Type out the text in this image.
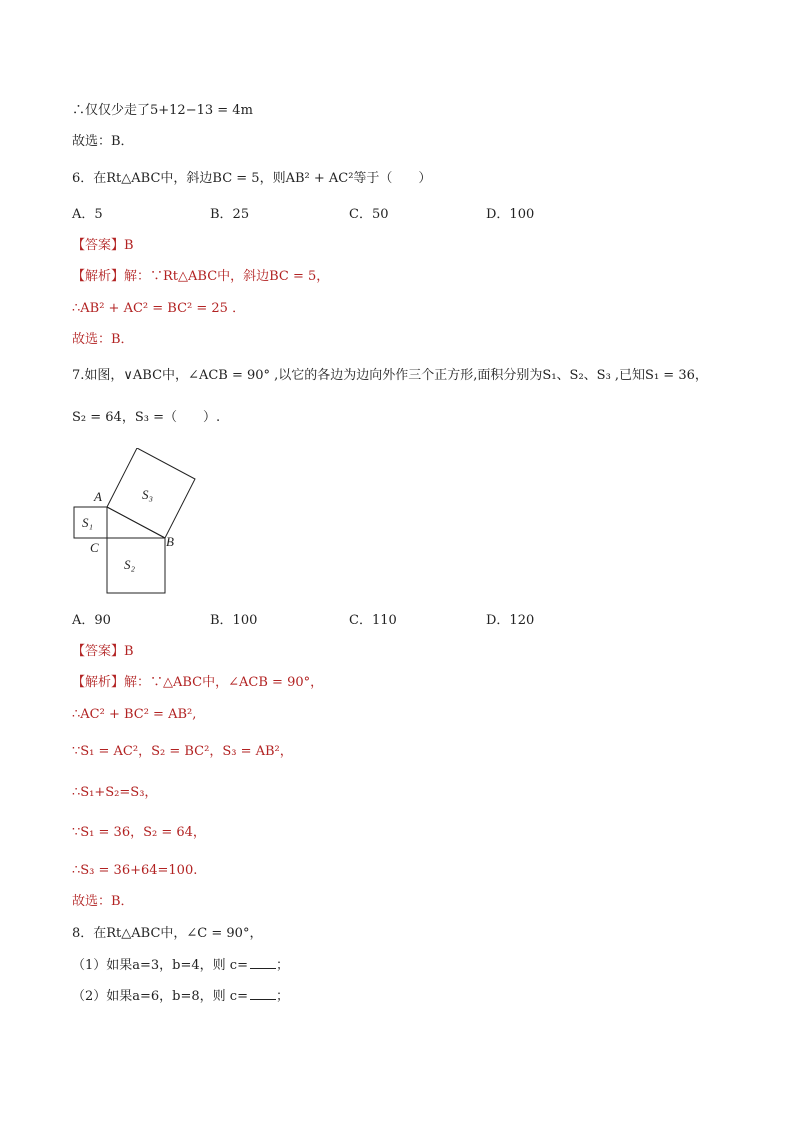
∴仅仅少走了5+12−13 = 4m
故选：B．
6．在Rt△ABC中，斜边BC = 5，则AB² + AC²等于（　　）
A．5	B．25	C．50	D．100
【答案】B
【解析】解：∵Rt△ABC中，斜边BC = 5，
∴AB² + AC² = BC² = 25 ．
故选：B．
7.如图，∨ABC中，∠ACB = 90° ,以它的各边为边向外作三个正方形,面积分别为S₁、S₂、S₃ ,已知S₁ = 36，
S₂ = 64，S₃ =（　　）.
A
B
C
S₁
S₂
S₃
A．90	B．100	C．110	D．120
【答案】B
【解析】解：∵△ABC中，∠ACB = 90°，
∴AC² + BC² = AB²,
∵S₁ = AC²，S₂ = BC²，S₃ = AB²，
∴S₁+S₂=S₃，
∵S₁ = 36，S₂ = 64，
∴S₃ = 36+64=100.
故选：B．
8．在Rt△ABC中，∠C = 90°，
（1）如果a=3，b=4，则 c= ；
（2）如果a=6，b=8，则 c= ；
